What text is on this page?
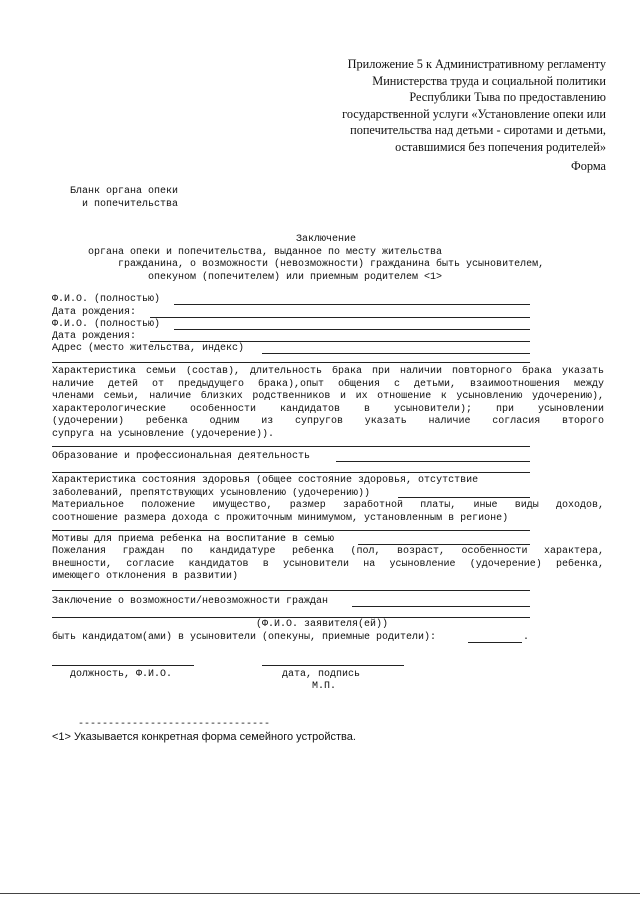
Приложение 5 к Административному регламенту
Министерства труда и социальной политики
Республики Тыва по предоставлению
государственной услуги «Установление опеки или
попечительства над детьми - сиротами и детьми,
оставшимися без попечения родителей»
Форма
Бланк органа опеки
и попечительства
Заключение
органа опеки и попечительства, выданное по месту жительства
гражданина, о возможности (невозможности) гражданина быть усыновителем,
опекуном (попечителем) или приемным родителем <1>
Ф.И.О. (полностью)
Дата рождения:
Ф.И.О. (полностью)
Дата рождения:
Адрес (место жительства, индекс)
Характеристика семьи (состав), длительность брака при наличии повторного брака указать
наличие детей от предыдущего брака),опыт общения с детьми, взаимоотношения между
членами семьи, наличие близких родственников и их отношение к усыновлению удочерению),
характерологические особенности кандидатов в усыновители); при усыновлении
(удочерении) ребенка одним из супругов указать наличие согласия второго
супруга на усыновление (удочерение)).
Образование и профессиональная деятельность
Характеристика состояния здоровья (общее состояние здоровья, отсутствие
заболеваний, препятствующих усыновлению (удочерению))
Материальное положение имущество, размер заработной платы, иные виды доходов,
соотношение размера дохода с прожиточным минимумом, установленным в регионе)
Мотивы для приема ребенка на воспитание в семью
Пожелания граждан по кандидатуре ребенка (пол, возраст, особенности характера,
внешности, согласие кандидатов в усыновители на усыновление (удочерение) ребенка,
имеющего отклонения в развитии)
Заключение о возможности/невозможности граждан
(Ф.И.О. заявителя(ей))
быть кандидатом(ами) в усыновители (опекуны, приемные родители):	.
должность, Ф.И.О.	дата, подпись
М.П.
--------------------------------
<1> Указывается конкретная форма семейного устройства.
